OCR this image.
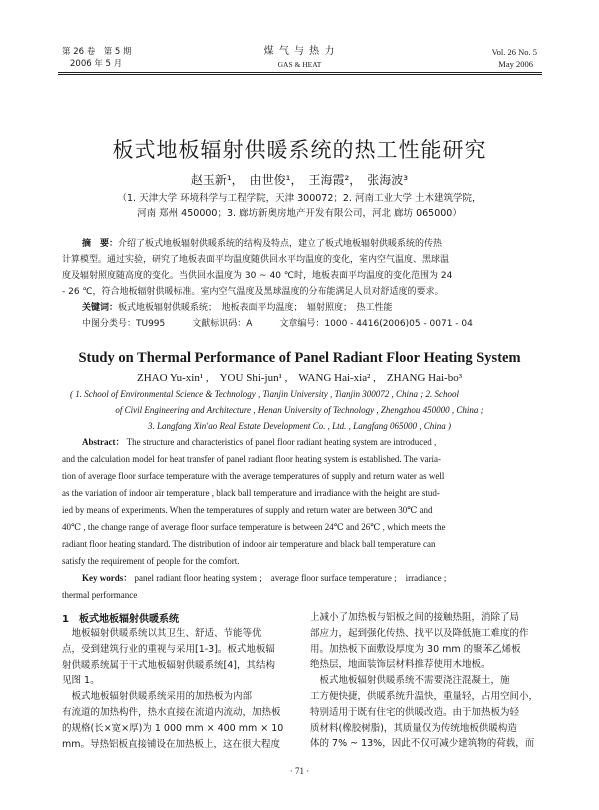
第 26 卷　第 5 期
2006 年 5 月
煤 气 与 热 力
GAS & HEAT
Vol. 26 No. 5
May 2006
板式地板辐射供暖系统的热工性能研究
赵玉新¹，　由世俊¹，　王海霞²，　张海波³
（1. 天津大学 环境科学与工程学院，天津 300072；2. 河南工业大学 土木建筑学院，
河南 郑州 450000；3. 廊坊新奥房地产开发有限公司，河北 廊坊 065000）
摘　要：介绍了板式地板辐射供暖系统的结构及特点，建立了板式地板辐射供暖系统的传热
计算模型。通过实验，研究了地板表面平均温度随供回水平均温度的变化，室内空气温度、黑球温
度及辐射照度随高度的变化。当供回水温度为 30 ~ 40 ℃时，地板表面平均温度的变化范围为 24
- 26 ℃，符合地板辐射供暖标准。室内空气温度及黑球温度的分布能满足人员对舒适度的要求。
关键词：板式地板辐射供暖系统；　地板表面平均温度；　辐射照度；　热工性能
中图分类号：TU995　　　文献标识码：A　　　文章编号：1000 - 4416(2006)05 - 0071 - 04
Study on Thermal Performance of Panel Radiant Floor Heating System
ZHAO Yu-xin¹ ,　YOU Shi-jun¹ ,　WANG Hai-xia² ,　ZHANG Hai-bo³
( 1. School of Environmental Science & Technology , Tianjin University , Tianjin 300072 , China ; 2. School
of Civil Engineering and Architecture , Henan University of Technology , Zhengzhou 450000 , China ;
3. Langfang Xin'ao Real Estate Development Co. , Ltd. , Langfang 065000 , China )
Abstract： The structure and characteristics of panel floor radiant heating system are introduced ,
and the calculation model for heat transfer of panel radiant floor heating system is established. The varia-
tion of average floor surface temperature with the average temperatures of supply and return water as well
as the variation of indoor air temperature , black ball temperature and irradiance with the height are stud-
ied by means of experiments. When the temperatures of supply and return water are between 30℃ and
40℃ , the change range of average floor surface temperature is between 24℃ and 26℃ , which meets the
radiant floor heating standard. The distribution of indoor air temperature and black ball temperature can
satisfy the requirement of people for the comfort.
Key words： panel radiant floor heating system ;　average floor surface temperature ;　irradiance ;
thermal performance
1　板式地板辐射供暖系统
　地板辐射供暖系统以其卫生、舒适、节能等优
点，受到建筑行业的重视与采用[1-3]。板式地板辐
射供暖系统属于干式地板辐射供暖系统[4]，其结构
见图 1。
　板式地板辐射供暖系统采用的加热板为内部
有流道的加热构件，热水直接在流道内流动，加热板
的规格(长×宽×厚)为 1 000 mm × 400 mm × 10
mm。导热铝板直接铺设在加热板上，这在很大程度
上减小了加热板与铝板之间的接触热阻，消除了局
部应力，起到强化传热、找平以及降低施工难度的作
用。加热板下面敷设厚度为 30 mm 的聚苯乙烯板
绝热层，地面装饰层材料推荐使用木地板。
　板式地板辐射供暖系统不需要浇注混凝土，施
工方便快捷，供暖系统升温快，重量轻，占用空间小，
特别适用于既有住宅的供暖改造。由于加热板为轻
质材料(橡胶树脂)，其质量仅为传统地板供暖构造
体的 7% ~ 13%，因此不仅可减少建筑物的荷载，而
· 71 ·
